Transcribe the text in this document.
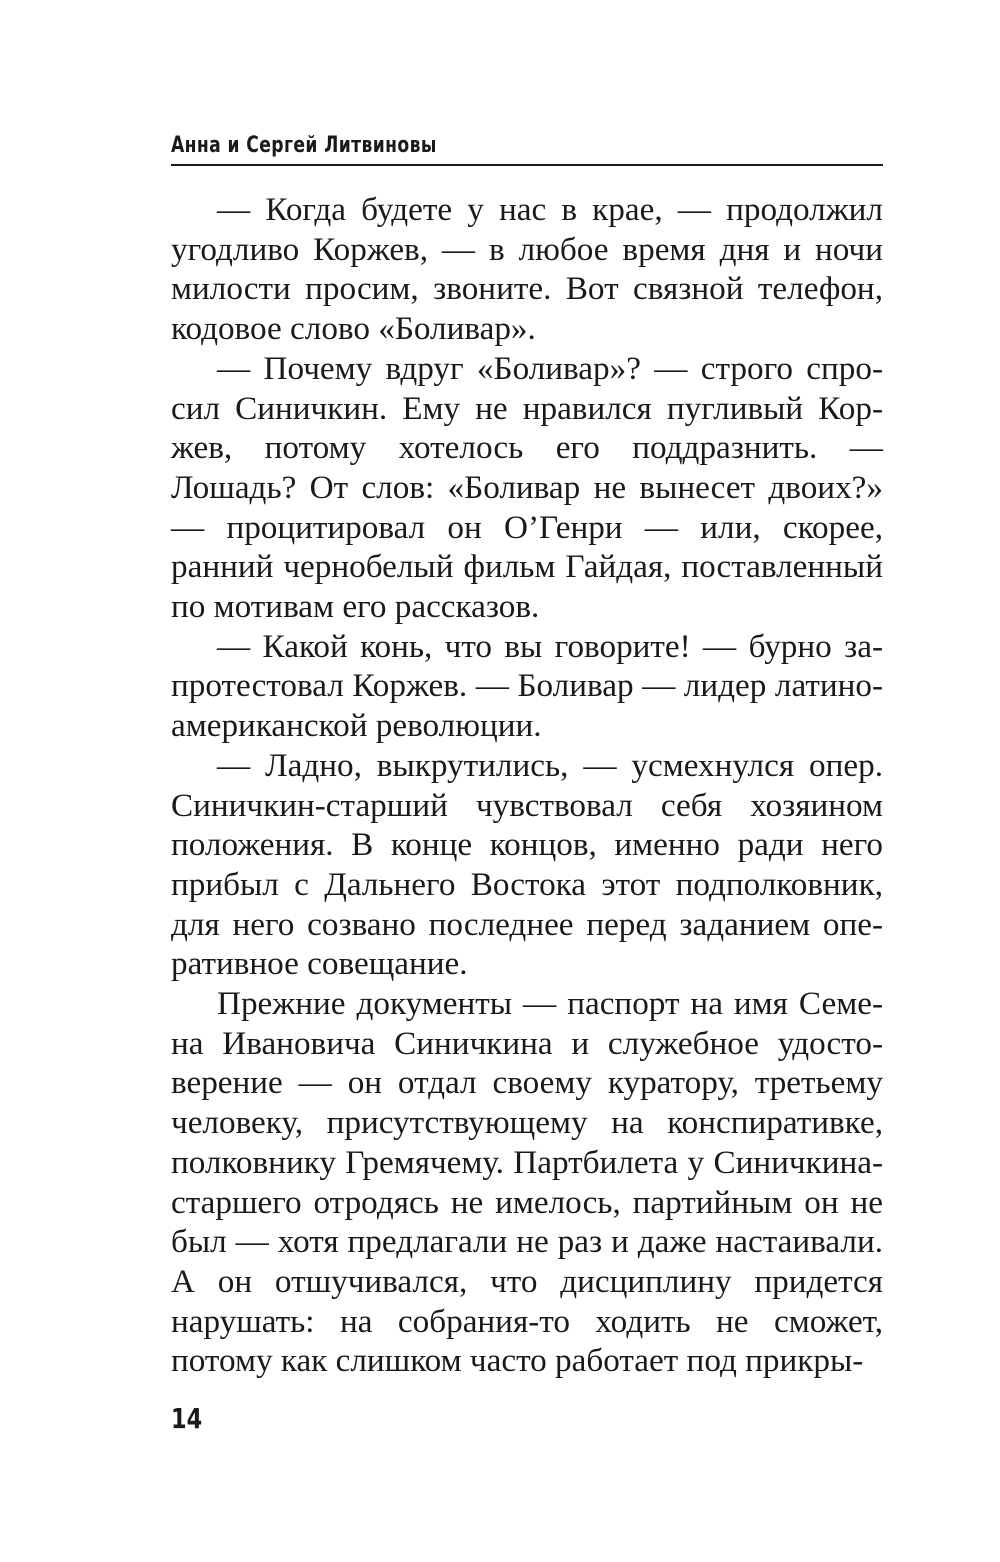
Анна и Сергей Литвиновы

— Когда будете у нас в крае, — продолжил угодливо Коржев, — в любое время дня и ночи милости просим, звоните. Вот связной телефон, кодовое слово «Боливар».

— Почему вдруг «Боливар»? — строго спросил Синичкин. Ему не нравился пугливый Коржев, потому хотелось его поддразнить. — Лошадь? От слов: «Боливар не вынесет двоих?» — процитировал он О’Генри — или, скорее, ранний чернобелый фильм Гайдая, поставленный по мотивам его рассказов.

— Какой конь, что вы говорите! — бурно запротестовал Коржев. — Боливар — лидер латиноамериканской революции.

— Ладно, выкрутились, — усмехнулся опер. Синичкин-старший чувствовал себя хозяином положения. В конце концов, именно ради него прибыл с Дальнего Востока этот подполковник, для него созвано последнее перед заданием оперативное совещание.

Прежние документы — паспорт на имя Семена Ивановича Синичкина и служебное удостоверение — он отдал своему куратору, третьему человеку, присутствующему на конспиративке, полковнику Гремячему. Партбилета у Синичкина-старшего отродясь не имелось, партийным он не был — хотя предлагали не раз и даже настаивали. А он отшучивался, что дисциплину придется нарушать: на собрания-то ходить не сможет, потому как слишком часто работает под прикры-

14
